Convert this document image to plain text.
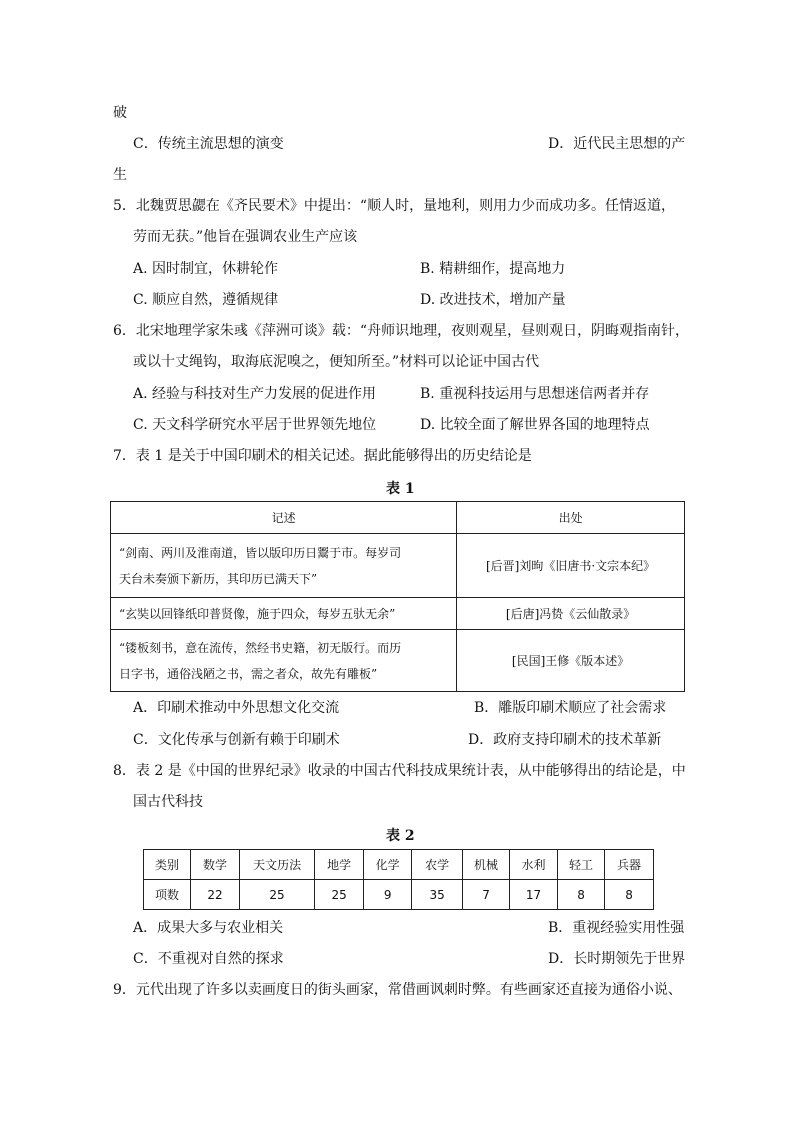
破
C．传统主流思想的演变	D．近代民主思想的产
生
5．北魏贾思勰在《齐民要术》中提出：“顺人时，量地利，则用力少而成功多。任情返道，
劳而无获。”他旨在强调农业生产应该
A. 因时制宜，休耕轮作	B. 精耕细作，提高地力
C. 顺应自然，遵循规律	D. 改进技术，增加产量
6．北宋地理学家朱彧《萍洲可谈》载：“舟师识地理，夜则观星，昼则观日，阴晦观指南针，
或以十丈绳钩，取海底泥嗅之，便知所至。”材料可以论证中国古代
A. 经验与科技对生产力发展的促进作用	B. 重视科技运用与思想迷信两者并存
C. 天文科学研究水平居于世界领先地位	D. 比较全面了解世界各国的地理特点
7．表 1 是关于中国印刷术的相关记述。据此能够得出的历史结论是
表 1
记述	出处

“剑南、两川及淮南道，皆以版印历日鬻于市。每岁司
天台未奏颁下新历，其印历已满天下”	[后晋]刘昫《旧唐书·文宗本纪》
“玄奘以回锋纸印普贤像，施于四众，每岁五驮无余”	[后唐]冯贽《云仙散录》

“镂板刻书，意在流传，然经书史籍，初无版行。而历
日字书，通俗浅陋之书，需之者众，故先有雕板”	[民国]王修《版本述》
A．印刷术推动中外思想文化交流	B．雕版印刷术顺应了社会需求
C．文化传承与创新有赖于印刷术	D．政府支持印刷术的技术革新
8．表 2 是《中国的世界纪录》收录的中国古代科技成果统计表，从中能够得出的结论是，中
国古代科技
表 2
类别	数学	天文历法	地学	化学	农学	机械	水利	轻工	兵器
项数	22	25	25	9	35	7	17	8	8
A．成果大多与农业相关	B．重视经验实用性强
C．不重视对自然的探求	D．长时期领先于世界
9．元代出现了许多以卖画度日的街头画家，常借画讽刺时弊。有些画家还直接为通俗小说、
